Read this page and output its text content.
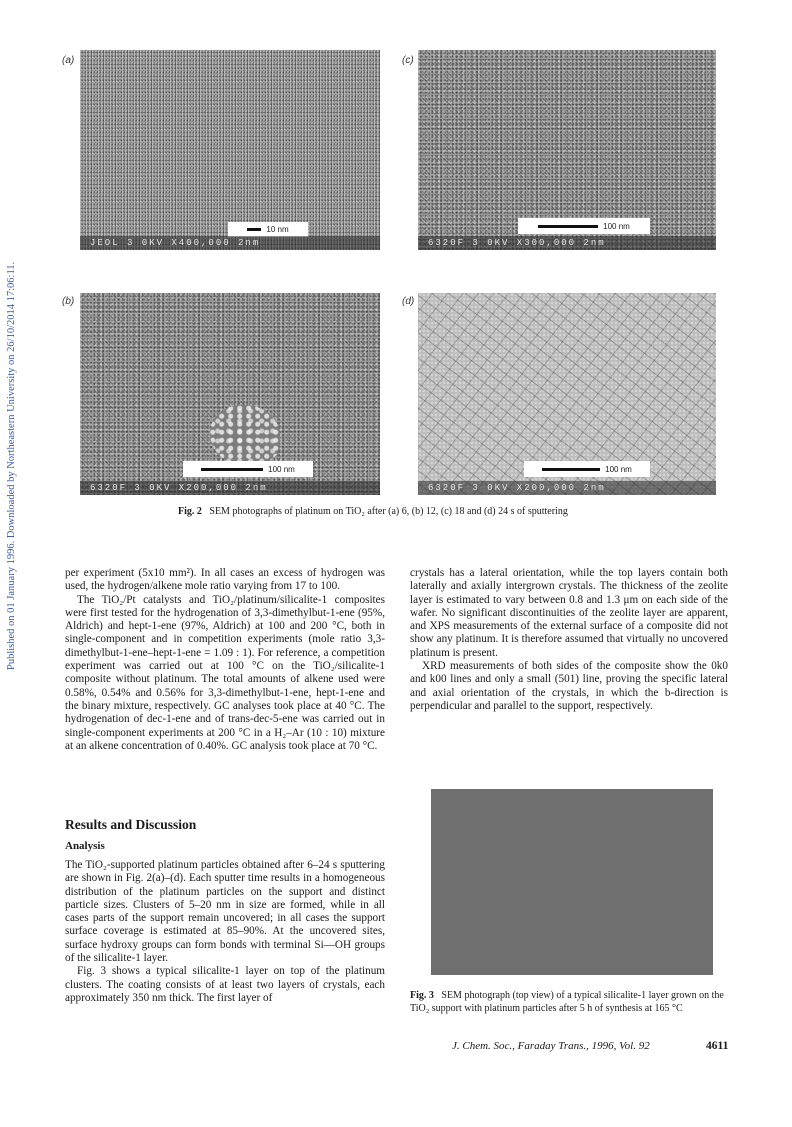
Published on 01 January 1996. Downloaded by Northeastern University on 26/10/2014 17:06:11.
(a)
10 nm
JEOL 3 0KV X400,000 2nm
(c)
100 nm
6320F 3 0KV X300,000 2nm
(b)
100 nm
6320F 3 0KV X200,000 2nm
(d)
100 nm
6320F 3 0KV X200,000 2nm
Fig. 2 SEM photographs of platinum on TiO₂ after (a) 6, (b) 12, (c) 18 and (d) 24 s of sputtering

per experiment (5x10 mm²). In all cases an excess of hydrogen was used, the hydrogen/alkene mole ratio varying from 17 to 100.

The TiO₂/Pt catalysts and TiO₂/platinum/silicalite-1 composites were first tested for the hydrogenation of 3,3-dimethylbut-1-ene (95%, Aldrich) and hept-1-ene (97%, Aldrich) at 100 and 200 °C, both in single-component and in competition experiments (mole ratio 3,3-dimethylbut-1-ene–hept-1-ene = 1.09 : 1). For reference, a competition experiment was carried out at 100 °C on the TiO₂/silicalite-1 composite without platinum. The total amounts of alkene used were 0.58%, 0.54% and 0.56% for 3,3-dimethylbut-1-ene, hept-1-ene and the binary mixture, respectively. GC analyses took place at 40 °C. The hydrogenation of dec-1-ene and of trans-dec-5-ene was carried out in single-component experiments at 200 °C in a H₂–Ar (10 : 10) mixture at an alkene concentration of 0.40%. GC analysis took place at 70 °C.

Results and Discussion
Analysis

The TiO₂-supported platinum particles obtained after 6–24 s sputtering are shown in Fig. 2(a)–(d). Each sputter time results in a homogeneous distribution of the platinum particles on the support and distinct particle sizes. Clusters of 5–20 nm in size are formed, while in all cases parts of the support remain uncovered; in all cases the support surface coverage is estimated at 85–90%. At the uncovered sites, surface hydroxy groups can form bonds with terminal Si—OH groups of the silicalite-1 layer.

Fig. 3 shows a typical silicalite-1 layer on top of the platinum clusters. The coating consists of at least two layers of crystals, each approximately 350 nm thick. The first layer of

crystals has a lateral orientation, while the top layers contain both laterally and axially intergrown crystals. The thickness of the zeolite layer is estimated to vary between 0.8 and 1.3 μm on each side of the wafer. No significant discontinuities of the zeolite layer are apparent, and XPS measurements of the external surface of a composite did not show any platinum. It is therefore assumed that virtually no uncovered platinum is present.

XRD measurements of both sides of the composite show the 0k0 and k00 lines and only a small (501) line, proving the specific lateral and axial orientation of the crystals, in which the b-direction is perpendicular and parallel to the support, respectively.

Fig. 3 SEM photograph (top view) of a typical silicalite-1 layer grown on the TiO₂ support with platinum particles after 5 h of synthesis at 165 °C
J. Chem. Soc., Faraday Trans., 1996, Vol. 92	4611
